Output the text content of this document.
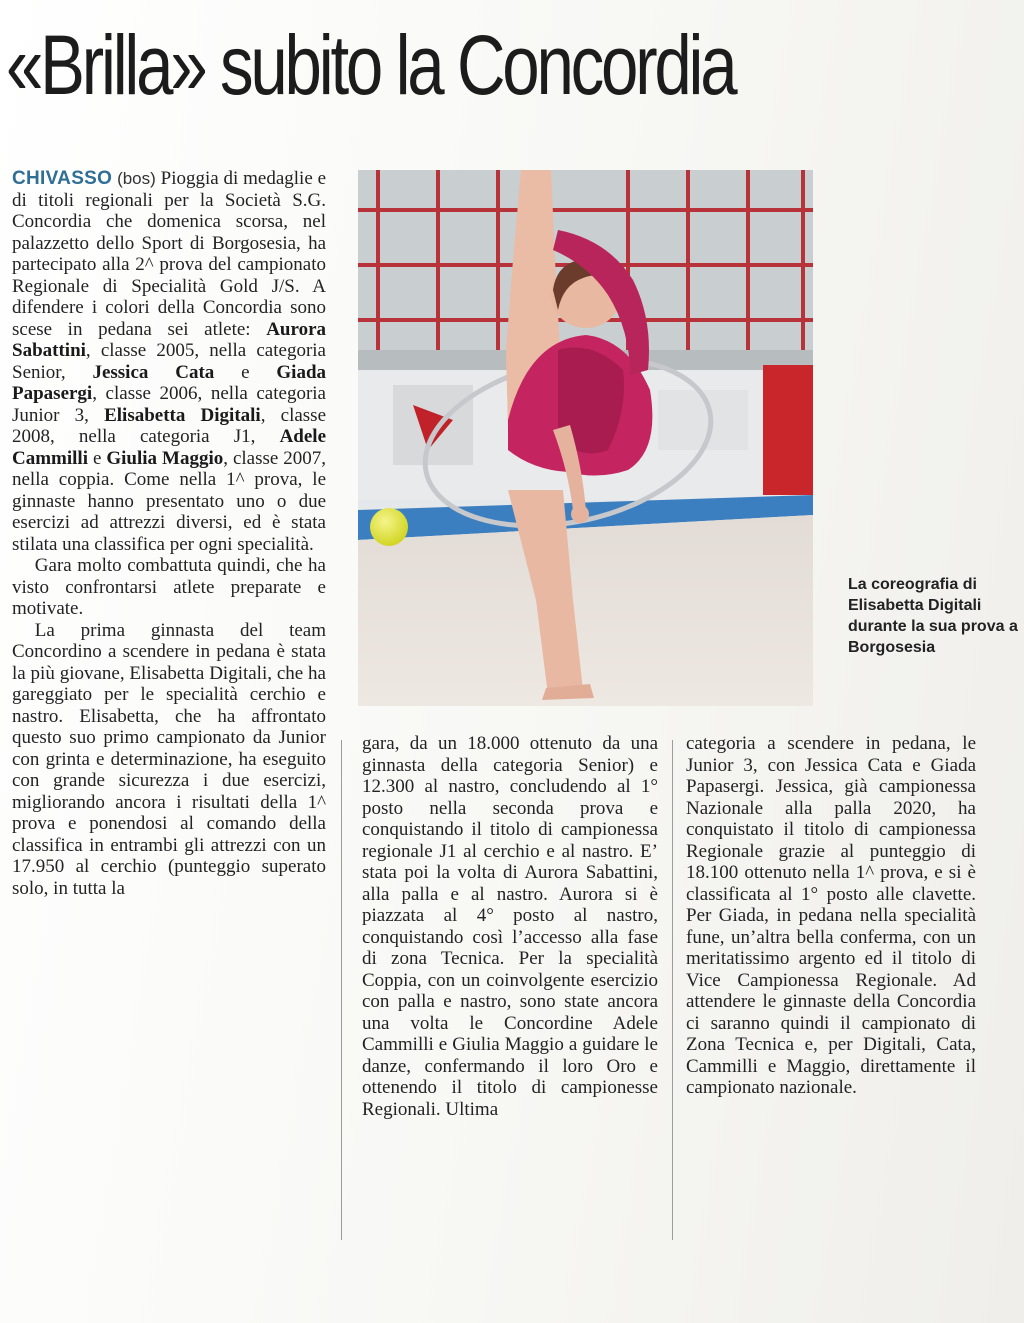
«Brilla» subito la Concordia

CHIVASSO (bos) Pioggia di medaglie e di titoli regionali per la Società S.G. Concordia che domenica scorsa, nel palazzetto dello Sport di Borgosesia, ha partecipato alla 2^ prova del campionato Regionale di Specialità Gold J/S. A difendere i colori della Concordia sono scese in pedana sei atlete: Aurora Sabattini, classe 2005, nella categoria Senior, Jessica Cata e Giada Papasergi, classe 2006, nella categoria Junior 3, Elisabetta Digitali, classe 2008, nella categoria J1, Adele Cammilli e Giulia Maggio, classe 2007, nella coppia. Come nella 1^ prova, le ginnaste hanno presentato uno o due esercizi ad attrezzi diversi, ed è stata stilata una classifica per ogni specialità.

Gara molto combattuta quindi, che ha visto confrontarsi atlete preparate e motivate.

La prima ginnasta del team Concordino a scendere in pedana è stata la più giovane, Elisabetta Digitali, che ha gareggiato per le specialità cerchio e nastro. Elisabetta, che ha affrontato questo suo primo campionato da Junior con grinta e determinazione, ha eseguito con grande sicurezza i due esercizi, migliorando ancora i risultati della 1^ prova e ponendosi al comando della classifica in entrambi gli attrezzi con un 17.950 al cerchio (punteggio superato solo, in tutta la

La coreografia di Elisabetta Digitali durante la sua prova a Borgosesia

gara, da un 18.000 ottenuto da una ginnasta della categoria Senior) e 12.300 al nastro, concludendo al 1° posto nella seconda prova e conquistando il titolo di campionessa regionale J1 al cerchio e al nastro. E’ stata poi la volta di Aurora Sabattini, alla palla e al nastro. Aurora si è piazzata al 4° posto al nastro, conquistando così l’accesso alla fase di zona Tecnica. Per la specialità Coppia, con un coinvolgente esercizio con palla e nastro, sono state ancora una volta le Concordine Adele Cammilli e Giulia Maggio a guidare le danze, confermando il loro Oro e ottenendo il titolo di campionesse Regionali. Ultima

categoria a scendere in pedana, le Junior 3, con Jessica Cata e Giada Papasergi. Jessica, già campionessa Nazionale alla palla 2020, ha conquistato il titolo di campionessa Regionale grazie al punteggio di 18.100 ottenuto nella 1^ prova, e si è classificata al 1° posto alle clavette. Per Giada, in pedana nella specialità fune, un’altra bella conferma, con un meritatissimo argento ed il titolo di Vice Campionessa Regionale. Ad attendere le ginnaste della Concordia ci saranno quindi il campionato di Zona Tecnica e, per Digitali, Cata, Cammilli e Maggio, direttamente il campionato nazionale.
